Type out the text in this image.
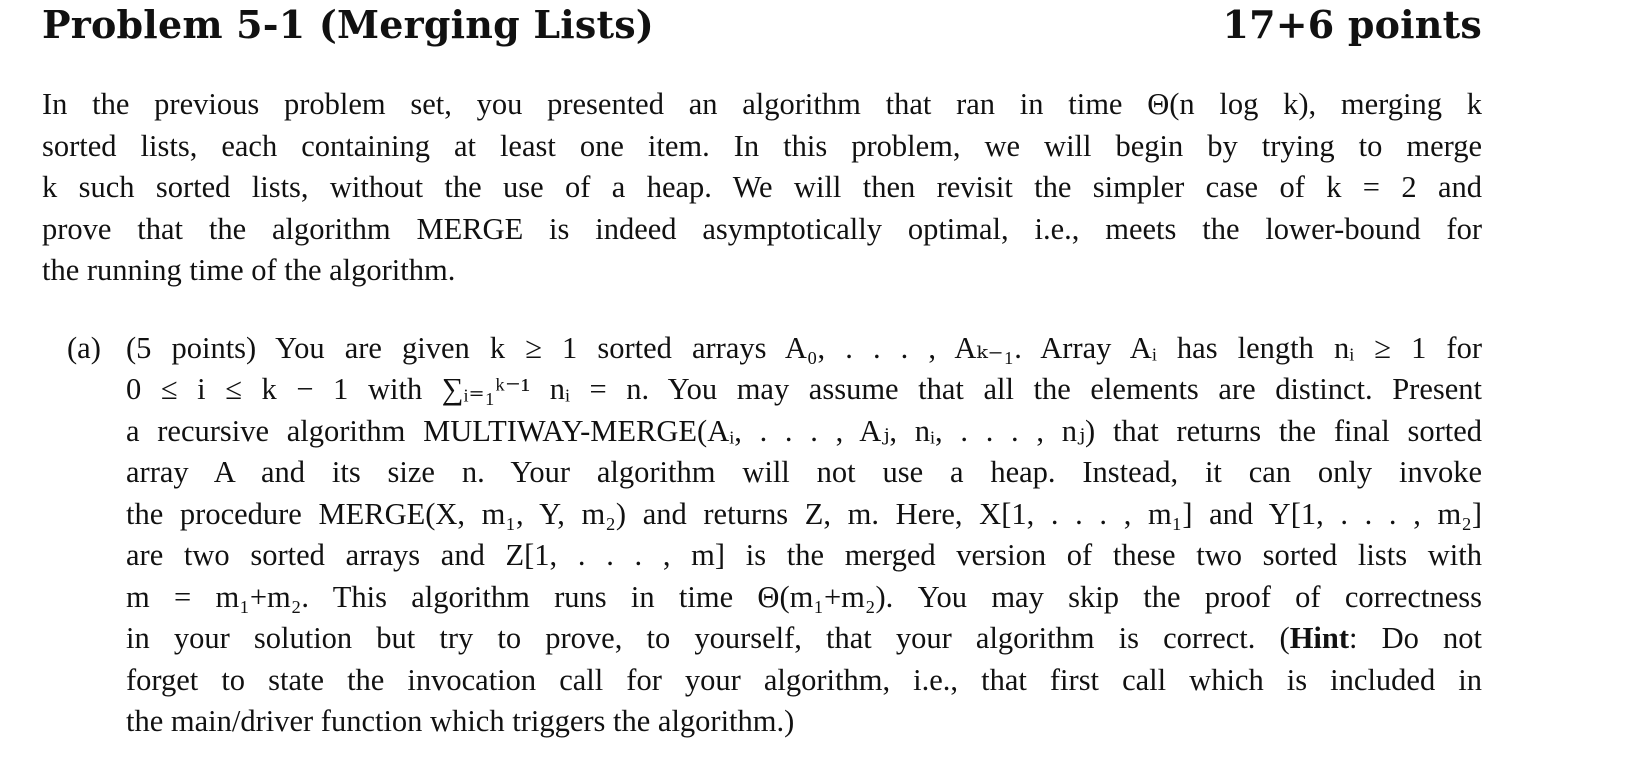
Problem 5-1 (Merging Lists)	17+6 points
In the previous problem set, you presented an algorithm that ran in time Θ(n log k), merging k
sorted lists, each containing at least one item. In this problem, we will begin by trying to merge
k such sorted lists, without the use of a heap. We will then revisit the simpler case of k = 2 and
prove that the algorithm MERGE is indeed asymptotically optimal, i.e., meets the lower-bound for
the running time of the algorithm.
(a) (5 points) You are given k ≥ 1 sorted arrays A₀, . . . , Aₖ₋₁. Array Aᵢ has length nᵢ ≥ 1 for
0 ≤ i ≤ k − 1 with ∑ᵢ₌₁ᵏ⁻¹ nᵢ = n. You may assume that all the elements are distinct. Present
a recursive algorithm MULTIWAY-MERGE(Aᵢ, . . . , Aⱼ, nᵢ, . . . , nⱼ) that returns the final sorted
array A and its size n. Your algorithm will not use a heap. Instead, it can only invoke
the procedure MERGE(X, m₁, Y, m₂) and returns Z, m. Here, X[1, . . . , m₁] and Y[1, . . . , m₂]
are two sorted arrays and Z[1, . . . , m] is the merged version of these two sorted lists with
m = m₁+m₂. This algorithm runs in time Θ(m₁+m₂). You may skip the proof of correctness
in your solution but try to prove, to yourself, that your algorithm is correct. (Hint: Do not
forget to state the invocation call for your algorithm, i.e., that first call which is included in
the main/driver function which triggers the algorithm.)
